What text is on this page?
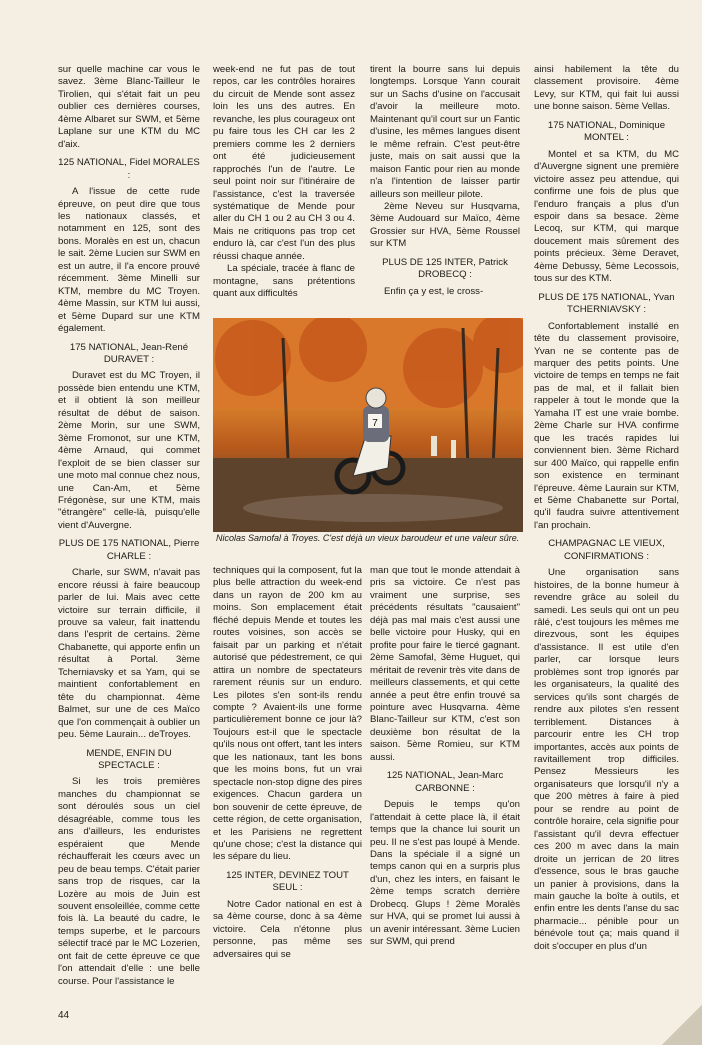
sur quelle machine car vous le savez. 3ème Blanc-Tailleur le Tirolien, qui s'était fait un peu oublier ces dernières courses, 4ème Albaret sur SWM, et 5ème Laplane sur une KTM du MC d'aix.

125 NATIONAL, Fidel MORALES :

A l'issue de cette rude épreuve, on peut dire que tous les nationaux classés, et notamment en 125, sont des bons. Moralès en est un, chacun le sait. 2ème Lucien sur SWM en est un autre, il l'a encore prouvé récemment. 3ème Minelli sur KTM, membre du MC Troyen. 4ème Massin, sur KTM lui aussi, et 5ème Dupard sur une KTM également.

175 NATIONAL, Jean-René DURAVET :

Duravet est du MC Troyen, il possède bien entendu une KTM, et il obtient là son meilleur résultat de début de saison. 2ème Morin, sur une SWM, 3ème Fromonot, sur une KTM, 4ème Arnaud, qui commet l'exploit de se bien classer sur une moto mal connue chez nous, une Can-Am, et 5ème Frégonèse, sur une KTM, mais "étrangère" celle-là, puisqu'elle vient d'Auvergne.

PLUS DE 175 NATIONAL, Pierre CHARLE :

Charle, sur SWM, n'avait pas encore réussi à faire beaucoup parler de lui. Mais avec cette victoire sur terrain difficile, il prouve sa valeur, fait inattendu dans l'esprit de certains. 2ème Chabanette, qui apporte enfin un résultat à Portal. 3ème Tcherniavsky et sa Yam, qui se maintient confortablement en tête du championnat. 4ème Balmet, sur une de ces Maïco que l'on commençait à oublier un peu. 5ème Laurain... deTroyes.

MENDE, ENFIN DU SPECTACLE :

Si les trois premières manches du championnat se sont déroulés sous un ciel désagréable, comme tous les ans d'ailleurs, les enduristes espéraient que Mende réchaufferait les cœurs avec un peu de beau temps. C'était parier sans trop de risques, car la Lozère au mois de Juin est souvent ensoleillée, comme cette fois là. La beauté du cadre, le temps superbe, et le parcours sélectif tracé par le MC Lozerien, ont fait de cette épreuve ce que l'on attendait d'elle : une belle course. Pour l'assistance le

week-end ne fut pas de tout repos, car les contrôles horaires du circuit de Mende sont assez loin les uns des autres. En revanche, les plus courageux ont pu faire tous les CH car les 2 premiers comme les 2 derniers ont été judicieusement rapprochés l'un de l'autre. Le seul point noir sur l'itinéraire de l'assistance, c'est la traversée systématique de Mende pour aller du CH 1 ou 2 au CH 3 ou 4. Mais ne critiquons pas trop cet enduro là, car c'est l'un des plus réussi chaque année.

La spéciale, tracée à flanc de montagne, sans prétentions quant aux difficultés

tirent la bourre sans lui depuis longtemps. Lorsque Yann courait sur un Sachs d'usine on l'accusait d'avoir la meilleure moto. Maintenant qu'il court sur un Fantic d'usine, les mêmes langues disent le même refrain. C'est peut-être juste, mais on sait aussi que la maison Fantic pour rien au monde n'a l'intention de laisser partir ailleurs son meilleur pilote.

2ème Neveu sur Husqvarna, 3ème Audouard sur Maïco, 4ème Grossier sur HVA, 5ème Roussel sur KTM

PLUS DE 125 INTER, Patrick DROBECQ :

Enfin ça y est, le cross-

7
Nicolas Samofal à Troyes. C'est déjà un vieux baroudeur et une valeur sûre.

techniques qui la composent, fut la plus belle attraction du week-end dans un rayon de 200 km au moins. Son emplacement était fléché depuis Mende et toutes les routes voisines, son accès se faisait par un parking et n'était autorisé que pédestrement, ce qui attira un nombre de spectateurs rarement réunis sur un enduro. Les pilotes s'en sont-ils rendu compte ? Avaient-ils une forme particulièrement bonne ce jour là? Toujours est-il que le spectacle qu'ils nous ont offert, tant les inters que les nationaux, tant les bons que les moins bons, fut un vrai spectacle non-stop digne des pires exigences. Chacun gardera un bon souvenir de cette épreuve, de cette région, de cette organisation, et les Parisiens ne regrettent qu'une chose; c'est la distance qui les sépare du lieu.

125 INTER, DEVINEZ TOUT SEUL :

Notre Cador national en est à sa 4ème course, donc à sa 4ème victoire. Cela n'étonne plus personne, pas même ses adversaires qui se

man que tout le monde attendait à pris sa victoire. Ce n'est pas vraiment une surprise, ses précédents résultats "causaient" déjà pas mal mais c'est aussi une belle victoire pour Husky, qui en profite pour faire le tiercé gagnant. 2ème Samofal, 3ème Huguet, qui méritait de revenir très vite dans de meilleurs classements, et qui cette année a peut être enfin trouvé sa pointure avec Husqvarna. 4ème Blanc-Tailleur sur KTM, c'est son deuxième bon résultat de la saison. 5ème Romieu, sur KTM aussi.

125 NATIONAL, Jean-Marc CARBONNE :

Depuis le temps qu'on l'attendait à cette place là, il était temps que la chance lui sourit un peu. Il ne s'est pas loupé à Mende. Dans la spéciale il a signé un temps canon qui en a surpris plus d'un, chez les inters, en faisant le 2ème temps scratch derrière Drobecq. Glups ! 2ème Moralès sur HVA, qui se promet lui aussi à un avenir intéressant. 3ème Lucien sur SWM, qui prend

ainsi habilement la tête du classement provisoire. 4ème Levy, sur KTM, qui fait lui aussi une bonne saison. 5ème Vellas.

175 NATIONAL, Dominique MONTEL :

Montel et sa KTM, du MC d'Auvergne signent une première victoire assez peu attendue, qui confirme une fois de plus que l'enduro français a plus d'un espoir dans sa besace. 2ème Lecoq, sur KTM, qui marque doucement mais sûrement des points précieux. 3ème Deravet, 4ème Debussy, 5ème Lecossois, tous sur des KTM.

PLUS DE 175 NATIONAL, Yvan TCHERNIAVSKY :

Confortablement installé en tête du classement provisoire, Yvan ne se contente pas de marquer des petits points. Une victoire de temps en temps ne fait pas de mal, et il fallait bien rappeler à tout le monde que la Yamaha IT est une vraie bombe. 2ème Charle sur HVA confirme que les tracés rapides lui conviennent bien. 3ème Richard sur 400 Maïco, qui rappelle enfin son existence en terminant l'épreuve. 4ème Laurain sur KTM, et 5ème Chabanette sur Portal, qu'il faudra suivre attentivement l'an prochain.

CHAMPAGNAC LE VIEUX, CONFIRMATIONS :

Une organisation sans histoires, de la bonne humeur à revendre grâce au soleil du samedi. Les seuls qui ont un peu râlé, c'est toujours les mêmes me direzvous, sont les équipes d'assistance. Il est utile d'en parler, car lorsque leurs problèmes sont trop ignorés par les organisateurs, la qualité des services qu'ils sont chargés de rendre aux pilotes s'en ressent terriblement. Distances à parcourir entre les CH trop importantes, accès aux points de ravitaillement trop difficiles. Pensez Messieurs les organisateurs que lorsqu'il n'y a que 200 mètres à faire à pied pour se rendre au point de contrôle horaire, cela signifie pour l'assistant qu'il devra effectuer ces 200 m avec dans la main droite un jerrican de 20 litres d'essence, sous le bras gauche un panier à provisions, dans la main gauche la boîte à outils, et enfin entre les dents l'anse du sac pharmacie... pénible pour un bénévole tout ça; mais quand il doit s'occuper en plus d'un

44
